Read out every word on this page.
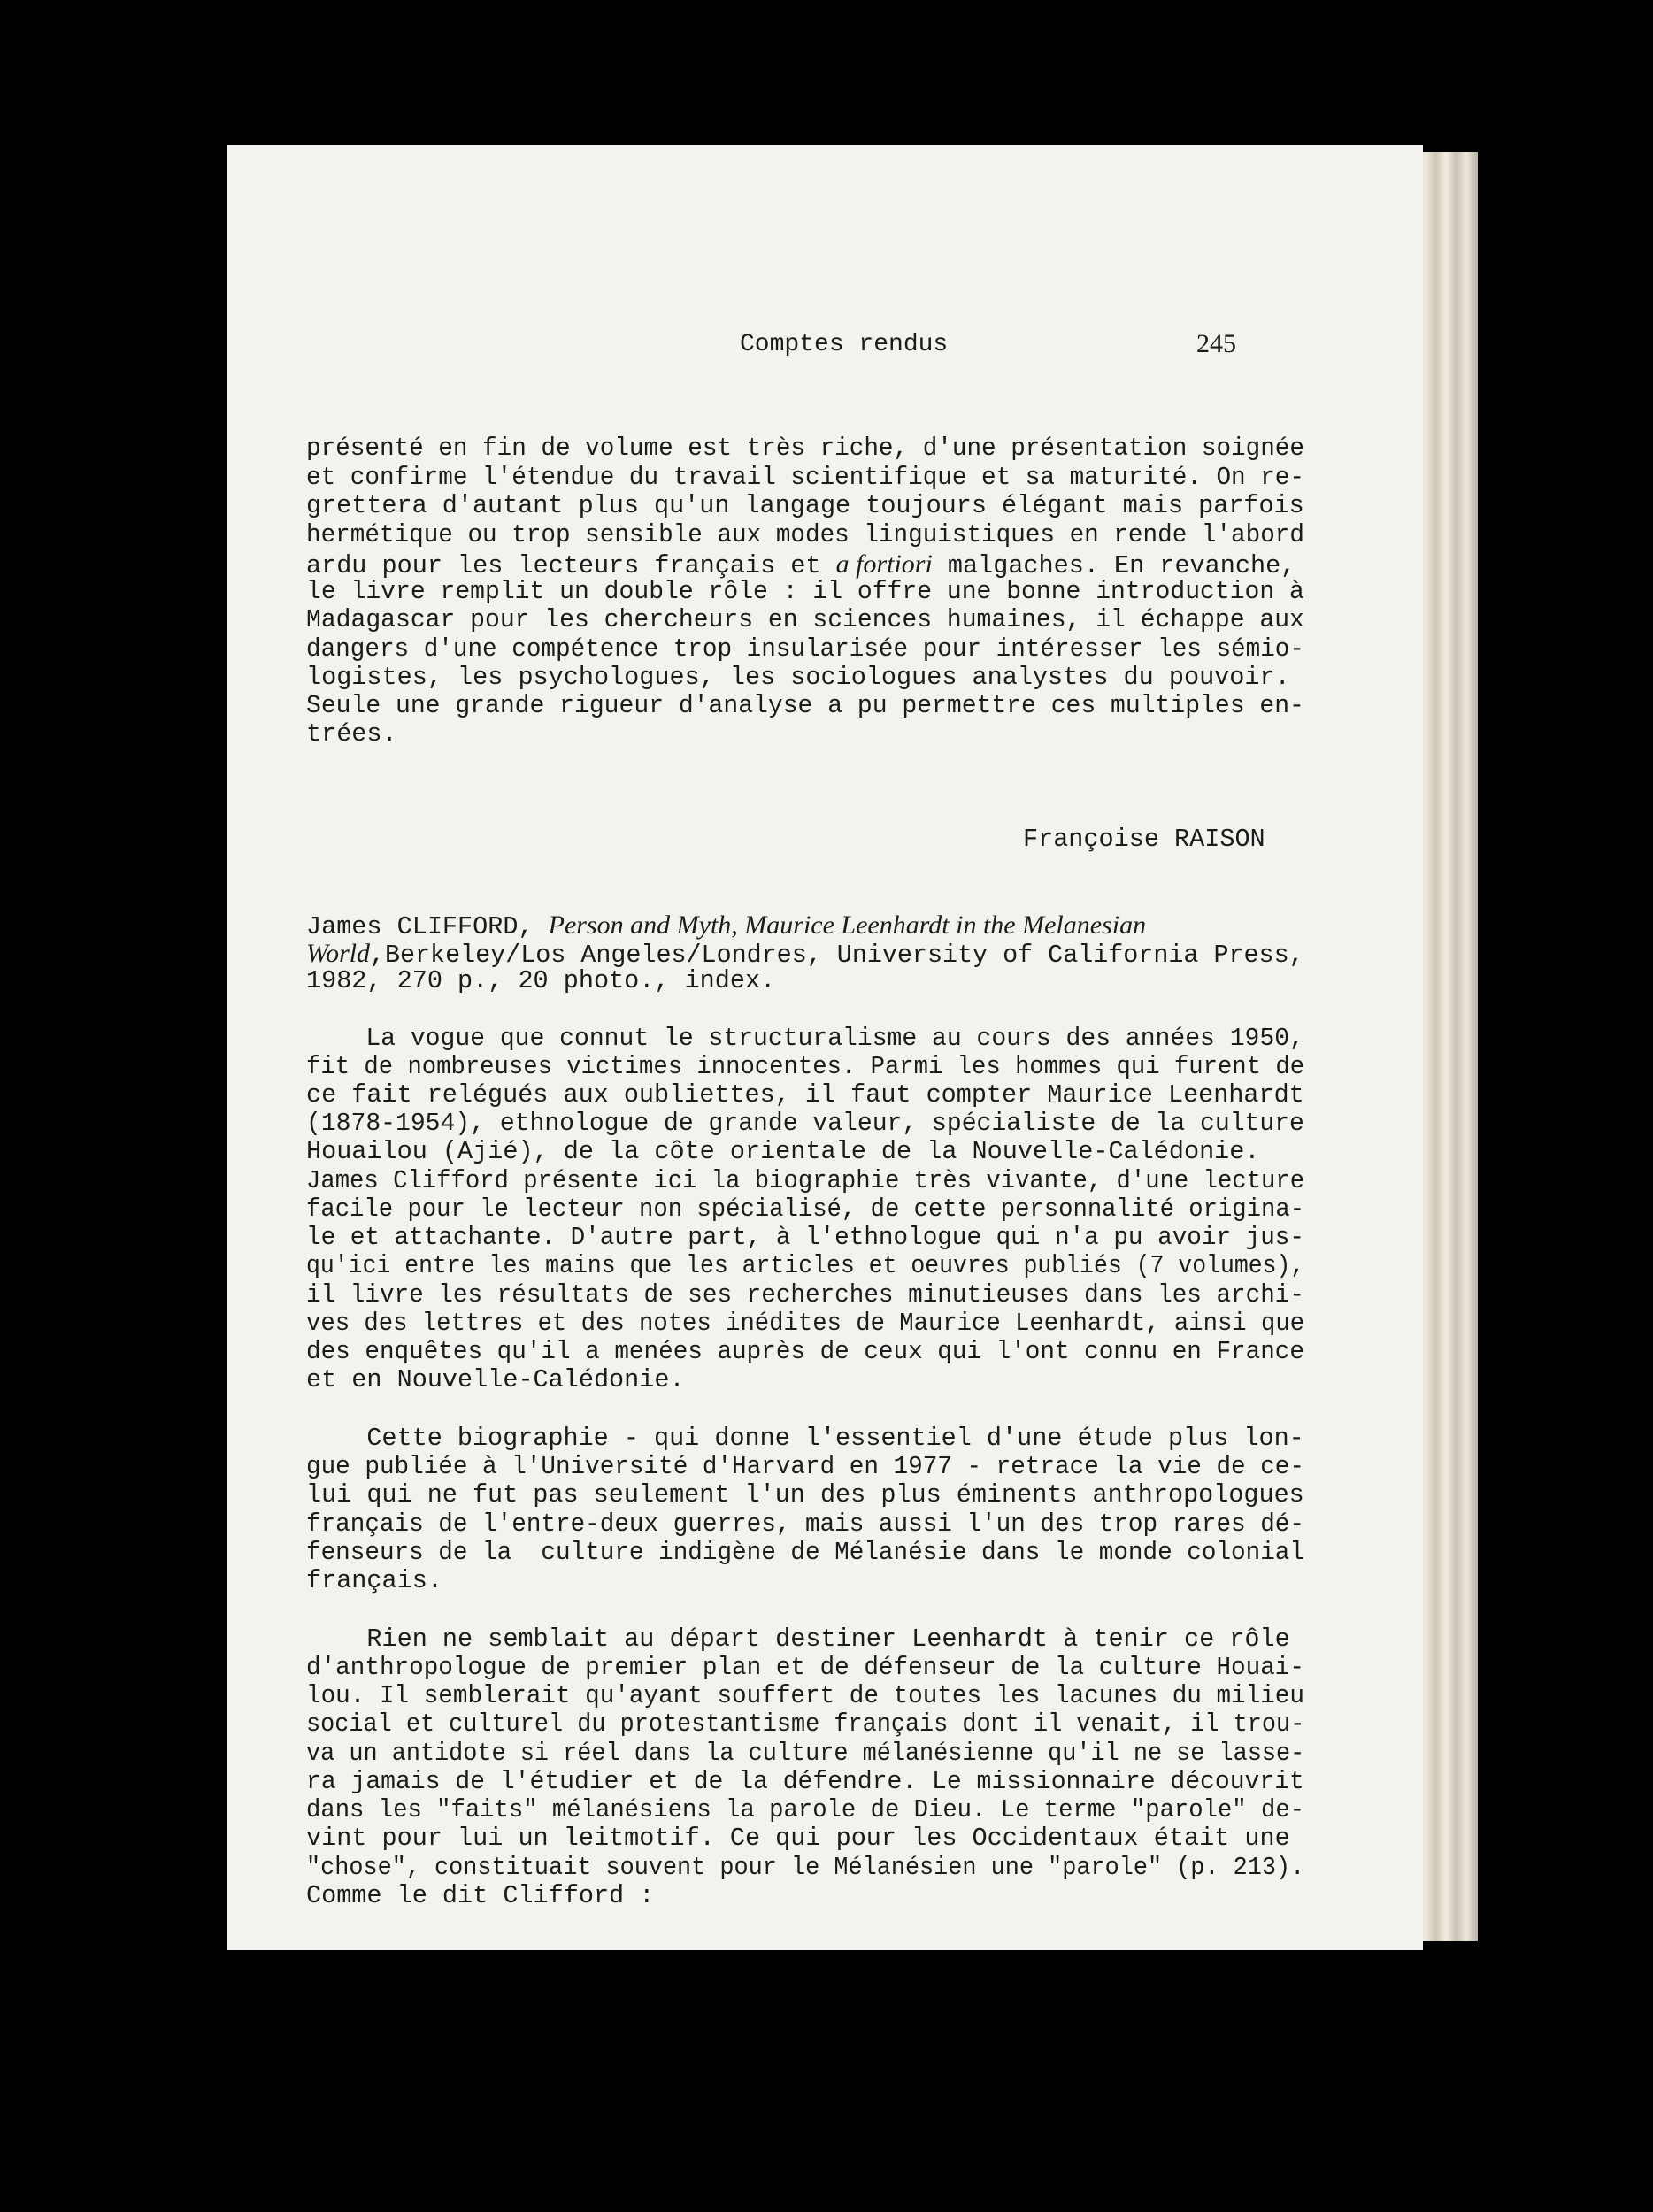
Comptes rendus	245
présenté en fin de volume est très riche, d'une présentation soignée
et confirme l'étendue du travail scientifique et sa maturité. On re-
grettera d'autant plus qu'un langage toujours élégant mais parfois
hermétique ou trop sensible aux modes linguistiques en rende l'abord
ardu pour les lecteurs français et a fortiori malgaches. En revanche,
le livre remplit un double rôle : il offre une bonne introduction à
Madagascar pour les chercheurs en sciences humaines, il échappe aux
dangers d'une compétence trop insularisée pour intéresser les sémio-
logistes, les psychologues, les sociologues analystes du pouvoir.
Seule une grande rigueur d'analyse a pu permettre ces multiples en-
trées.
Françoise RAISON
James CLIFFORD, Person and Myth, Maurice Leenhardt in the Melanesian
World,Berkeley/Los Angeles/Londres, University of California Press,
1982, 270 p., 20 photo., index.
La vogue que connut le structuralisme au cours des années 1950,
fit de nombreuses victimes innocentes. Parmi les hommes qui furent de
ce fait relégués aux oubliettes, il faut compter Maurice Leenhardt
(1878-1954), ethnologue de grande valeur, spécialiste de la culture
Houailou (Ajié), de la côte orientale de la Nouvelle-Calédonie.
James Clifford présente ici la biographie très vivante, d'une lecture
facile pour le lecteur non spécialisé, de cette personnalité origina-
le et attachante. D'autre part, à l'ethnologue qui n'a pu avoir jus-
qu'ici entre les mains que les articles et oeuvres publiés (7 volumes),
il livre les résultats de ses recherches minutieuses dans les archi-
ves des lettres et des notes inédites de Maurice Leenhardt, ainsi que
des enquêtes qu'il a menées auprès de ceux qui l'ont connu en France
et en Nouvelle-Calédonie.
Cette biographie - qui donne l'essentiel d'une étude plus lon-
gue publiée à l'Université d'Harvard en 1977 - retrace la vie de ce-
lui qui ne fut pas seulement l'un des plus éminents anthropologues
français de l'entre-deux guerres, mais aussi l'un des trop rares dé-
fenseurs de la  culture indigène de Mélanésie dans le monde colonial
français.
Rien ne semblait au départ destiner Leenhardt à tenir ce rôle
d'anthropologue de premier plan et de défenseur de la culture Houai-
lou. Il semblerait qu'ayant souffert de toutes les lacunes du milieu
social et culturel du protestantisme français dont il venait, il trou-
va un antidote si réel dans la culture mélanésienne qu'il ne se lasse-
ra jamais de l'étudier et de la défendre. Le missionnaire découvrit
dans les "faits" mélanésiens la parole de Dieu. Le terme "parole" de-
vint pour lui un leitmotif. Ce qui pour les Occidentaux était une
"chose", constituait souvent pour le Mélanésien une "parole" (p. 213).
Comme le dit Clifford :
